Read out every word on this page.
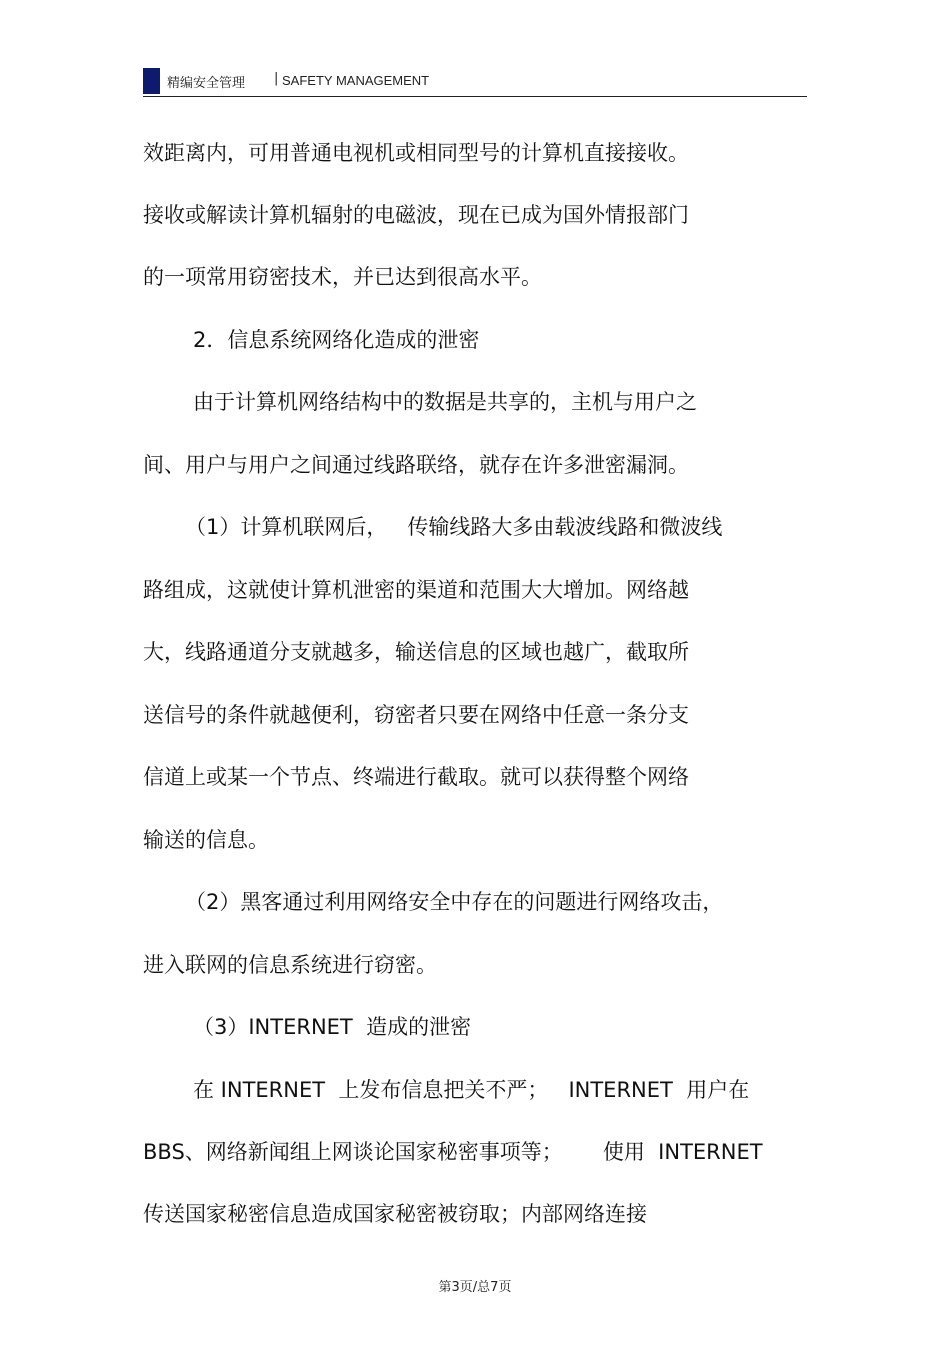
精编安全管理 | SAFETY MANAGEMENT
效距离内，可用普通电视机或相同型号的计算机直接接收。
接收或解读计算机辐射的电磁波，现在已成为国外情报部门
的一项常用窃密技术，并已达到很高水平。
2．信息系统网络化造成的泄密
由于计算机网络结构中的数据是共享的，主机与用户之
间、用户与用户之间通过线路联络，就存在许多泄密漏洞。
（1）计算机联网后，   传输线路大多由载波线路和微波线
路组成，这就使计算机泄密的渠道和范围大大增加。网络越
大，线路通道分支就越多，输送信息的区域也越广，截取所
送信号的条件就越便利，窃密者只要在网络中任意一条分支
信道上或某一个节点、终端进行截取。就可以获得整个网络
输送的信息。
（2）黑客通过利用网络安全中存在的问题进行网络攻击，
进入联网的信息系统进行窃密。
（3）INTERNET  造成的泄密
在 INTERNET  上发布信息把关不严；   INTERNET  用户在
BBS、网络新闻组上网谈论国家秘密事项等；      使用  INTERNET
传送国家秘密信息造成国家秘密被窃取；内部网络连接
第3页/总7页
